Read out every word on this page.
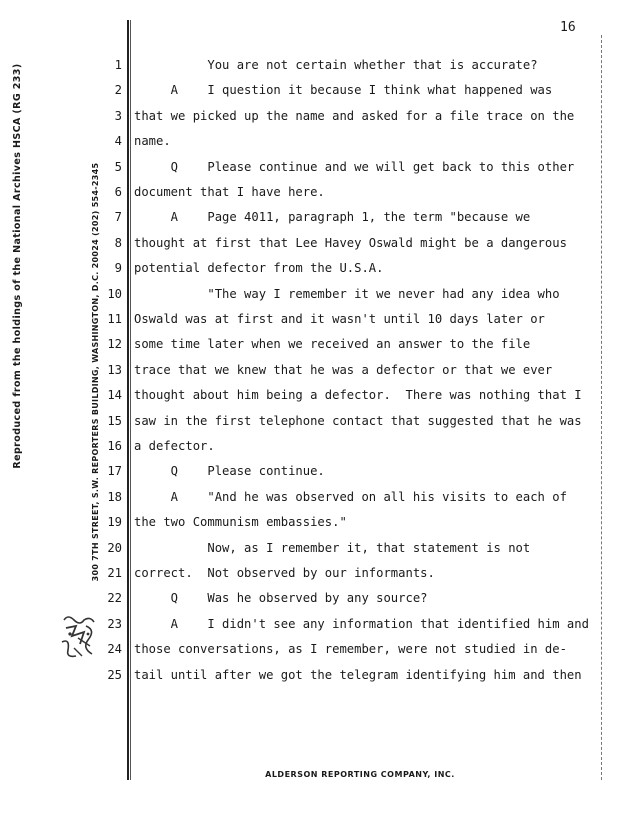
16
Reproduced from the holdings of the National Archives HSCA (RG 233)	300 7TH STREET, S.W. REPORTERS BUILDING, WASHINGTON, D.C. 20024 (202) 554-2345
1 You are not certain whether that is accurate?
2 A    I question it because I think what happened was
3 that we picked up the name and asked for a file trace on the
4 name.
5 Q    Please continue and we will get back to this other
6 document that I have here.
7 A    Page 4011, paragraph 1, the term "because we
8 thought at first that Lee Havey Oswald might be a dangerous
9 potential defector from the U.S.A.
10 "The way I remember it we never had any idea who
11 Oswald was at first and it wasn't until 10 days later or
12 some time later when we received an answer to the file
13 trace that we knew that he was a defector or that we ever
14 thought about him being a defector.  There was nothing that I
15 saw in the first telephone contact that suggested that he was
16 a defector.
17 Q    Please continue.
18 A    "And he was observed on all his visits to each of
19 the two Communism embassies."
20 Now, as I remember it, that statement is not
21 correct.  Not observed by our informants.
22 Q    Was he observed by any source?
23 A    I didn't see any information that identified him and
24 those conversations, as I remember, were not studied in de-
25 tail until after we got the telegram identifying him and then
ALDERSON REPORTING COMPANY, INC.
